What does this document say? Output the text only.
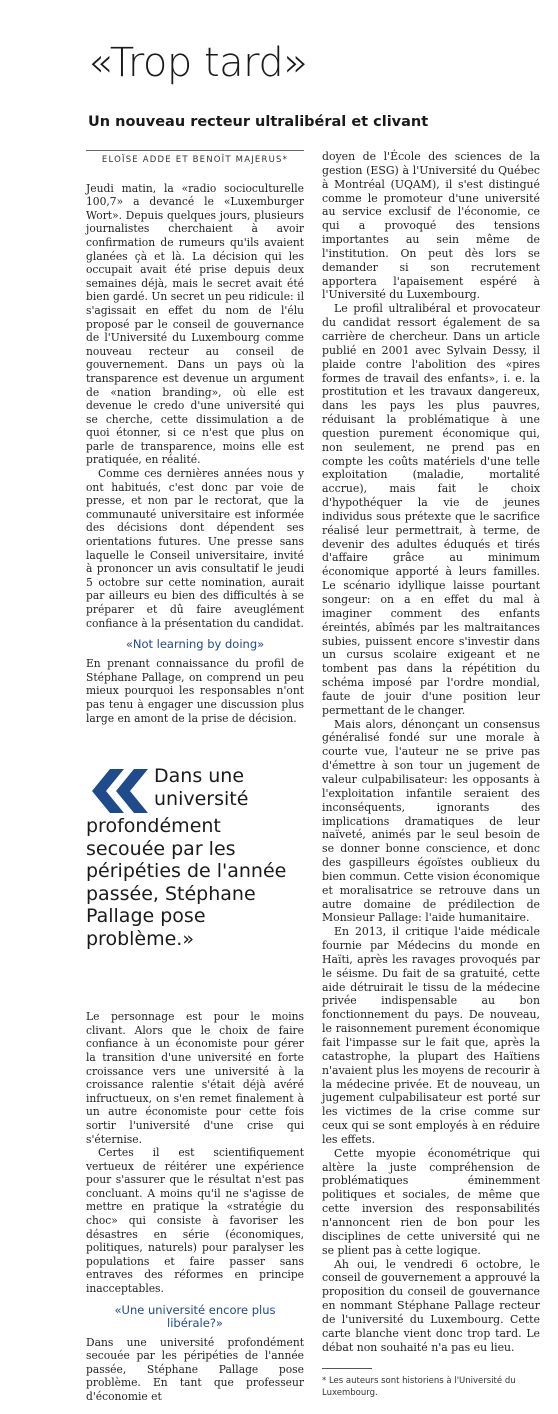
«Trop tard»
Un nouveau recteur ultralibéral et clivant
ELOÏSE ADDE ET BENOÎT MAJERUS*

Jeudi matin, la «radio socioculturelle 100,7» a devancé le «Luxemburger Wort». Depuis quelques jours, plusieurs journalistes cherchaient à avoir confirmation de rumeurs qu'ils avaient glanées çà et là. La décision qui les occupait avait été prise depuis deux semaines déjà, mais le secret avait été bien gardé. Un secret un peu ridicule: il s'agissait en effet du nom de l'élu proposé par le conseil de gouvernance de l'Université du Luxembourg comme nouveau recteur au conseil de gouvernement. Dans un pays où la transparence est devenue un argument de «nation branding», où elle est devenue le credo d'une université qui se cherche, cette dissimulation a de quoi étonner, si ce n'est que plus on parle de transparence, moins elle est pratiquée, en réalité.

Comme ces dernières années nous y ont habitués, c'est donc par voie de presse, et non par le rectorat, que la communauté universitaire est informée des décisions dont dépendent ses orientations futures. Une presse sans laquelle le Conseil universitaire, invité à prononcer un avis consultatif le jeudi 5 octobre sur cette nomination, aurait par ailleurs eu bien des difficultés à se préparer et dû faire aveuglément confiance à la présentation du candidat.

«Not learning by doing»

En prenant connaissance du profil de Stéphane Pallage, on comprend un peu mieux pourquoi les responsables n'ont pas tenu à engager une discussion plus large en amont de la prise de décision.

Dans une université
profondément secouée par les péripéties de l'année passée, Stéphane Pallage pose problème.»

Le personnage est pour le moins clivant. Alors que le choix de faire confiance à un économiste pour gérer la transition d'une université en forte croissance vers une université à la croissance ralentie s'était déjà avéré infructueux, on s'en remet finalement à un autre économiste pour cette fois sortir l'université d'une crise qui s'éternise.

Certes il est scientifiquement vertueux de réitérer une expérience pour s'assurer que le résultat n'est pas concluant. A moins qu'il ne s'agisse de mettre en pratique la «stratégie du choc» qui consiste à favoriser les désastres en série (économiques, politiques, naturels) pour paralyser les populations et faire passer sans entraves des réformes en principe inacceptables.

«Une université encore plus libérale?»

Dans une université profondément secouée par les péripéties de l'année passée, Stéphane Pallage pose problème. En tant que professeur d'économie et

doyen de l'École des sciences de la gestion (ESG) à l'Université du Québec à Montréal (UQAM), il s'est distingué comme le promoteur d'une université au service exclusif de l'économie, ce qui a provoqué des tensions importantes au sein même de l'institution. On peut dès lors se demander si son recrutement apportera l'apaisement espéré à l'Université du Luxembourg.

Le profil ultralibéral et provocateur du candidat ressort également de sa carrière de chercheur. Dans un article publié en 2001 avec Sylvain Dessy, il plaide contre l'abolition des «pires formes de travail des enfants», i. e. la prostitution et les travaux dangereux, dans les pays les plus pauvres, réduisant la problématique à une question purement économique qui, non seulement, ne prend pas en compte les coûts matériels d'une telle exploitation (maladie, mortalité accrue), mais fait le choix d'hypothéquer la vie de jeunes individus sous prétexte que le sacrifice réalisé leur permettrait, à terme, de devenir des adultes éduqués et tirés d'affaire grâce au minimum économique apporté à leurs familles. Le scénario idyllique laisse pourtant songeur: on a en effet du mal à imaginer comment des enfants éreintés, abîmés par les maltraitances subies, puissent encore s'investir dans un cursus scolaire exigeant et ne tombent pas dans la répétition du schéma imposé par l'ordre mondial, faute de jouir d'une position leur permettant de le changer.

Mais alors, dénonçant un consensus généralisé fondé sur une morale à courte vue, l'auteur ne se prive pas d'émettre à son tour un jugement de valeur culpabilisateur: les opposants à l'exploitation infantile seraient des inconséquents, ignorants des implications dramatiques de leur naïveté, animés par le seul besoin de se donner bonne conscience, et donc des gaspilleurs égoïstes oublieux du bien commun. Cette vision économique et moralisatrice se retrouve dans un autre domaine de prédilection de Monsieur Pallage: l'aide humanitaire.

En 2013, il critique l'aide médicale fournie par Médecins du monde en Haïti, après les ravages provoqués par le séisme. Du fait de sa gratuité, cette aide détruirait le tissu de la médecine privée indispensable au bon fonctionnement du pays. De nouveau, le raisonnement purement économique fait l'impasse sur le fait que, après la catastrophe, la plupart des Haïtiens n'avaient plus les moyens de recourir à la médecine privée. Et de nouveau, un jugement culpabilisateur est porté sur les victimes de la crise comme sur ceux qui se sont employés à en réduire les effets.

Cette myopie économétrique qui altère la juste compréhension de problématiques éminemment politiques et sociales, de même que cette inversion des responsabilités n'annoncent rien de bon pour les disciplines de cette université qui ne se plient pas à cette logique.

Ah oui, le vendredi 6 octobre, le conseil de gouvernement a approuvé la proposition du conseil de gouvernance en nommant Stéphane Pallage recteur de l'université du Luxembourg. Cette carte blanche vient donc trop tard. Le débat non souhaité n'a pas eu lieu.

* Les auteurs sont historiens à l'Université du Luxembourg.
